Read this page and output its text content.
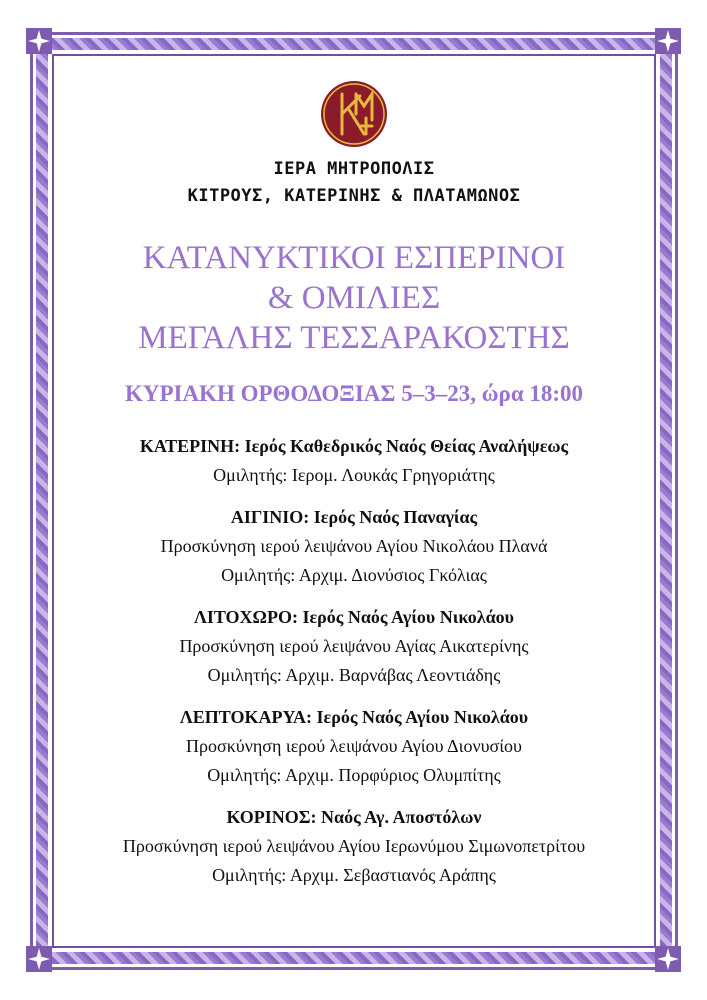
ΙΕΡΑ ΜΗΤΡΟΠΟΛΙΣ
ΚΙΤΡΟΥΣ, ΚΑΤΕΡΙΝΗΣ & ΠΛΑΤΑΜΩΝΟΣ
ΚΑΤΑΝΥΚΤΙΚΟΙ ΕΣΠΕΡΙΝΟΙ
& ΟΜΙΛΙΕΣ
ΜΕΓΑΛΗΣ ΤΕΣΣΑΡΑΚΟΣΤΗΣ
ΚΥΡΙΑΚΗ ΟΡΘΟΔΟΞΙΑΣ 5–3–23, ώρα 18:00
ΚΑΤΕΡΙΝΗ: Ιερός Καθεδρικός Ναός Θείας Αναλήψεως
Ομιλητής: Ιερομ. Λουκάς Γρηγοριάτης
ΑΙΓΙΝΙΟ: Ιερός Ναός Παναγίας
Προσκύνηση ιερού λειψάνου Αγίου Νικολάου Πλανά
Ομιλητής: Αρχιμ. Διονύσιος Γκόλιας
ΛΙΤΟΧΩΡΟ: Ιερός Ναός Αγίου Νικολάου
Προσκύνηση ιερού λειψάνου Αγίας Αικατερίνης
Ομιλητής: Αρχιμ. Βαρνάβας Λεοντιάδης
ΛΕΠΤΟΚΑΡΥΑ: Ιερός Ναός Αγίου Νικολάου
Προσκύνηση ιερού λειψάνου Αγίου Διονυσίου
Ομιλητής: Αρχιμ. Πορφύριος Ολυμπίτης
ΚΟΡΙΝΟΣ: Ναός Αγ. Αποστόλων
Προσκύνηση ιερού λειψάνου Αγίου Ιερωνύμου Σιμωνοπετρίτου
Ομιλητής: Αρχιμ. Σεβαστιανός Αράπης
